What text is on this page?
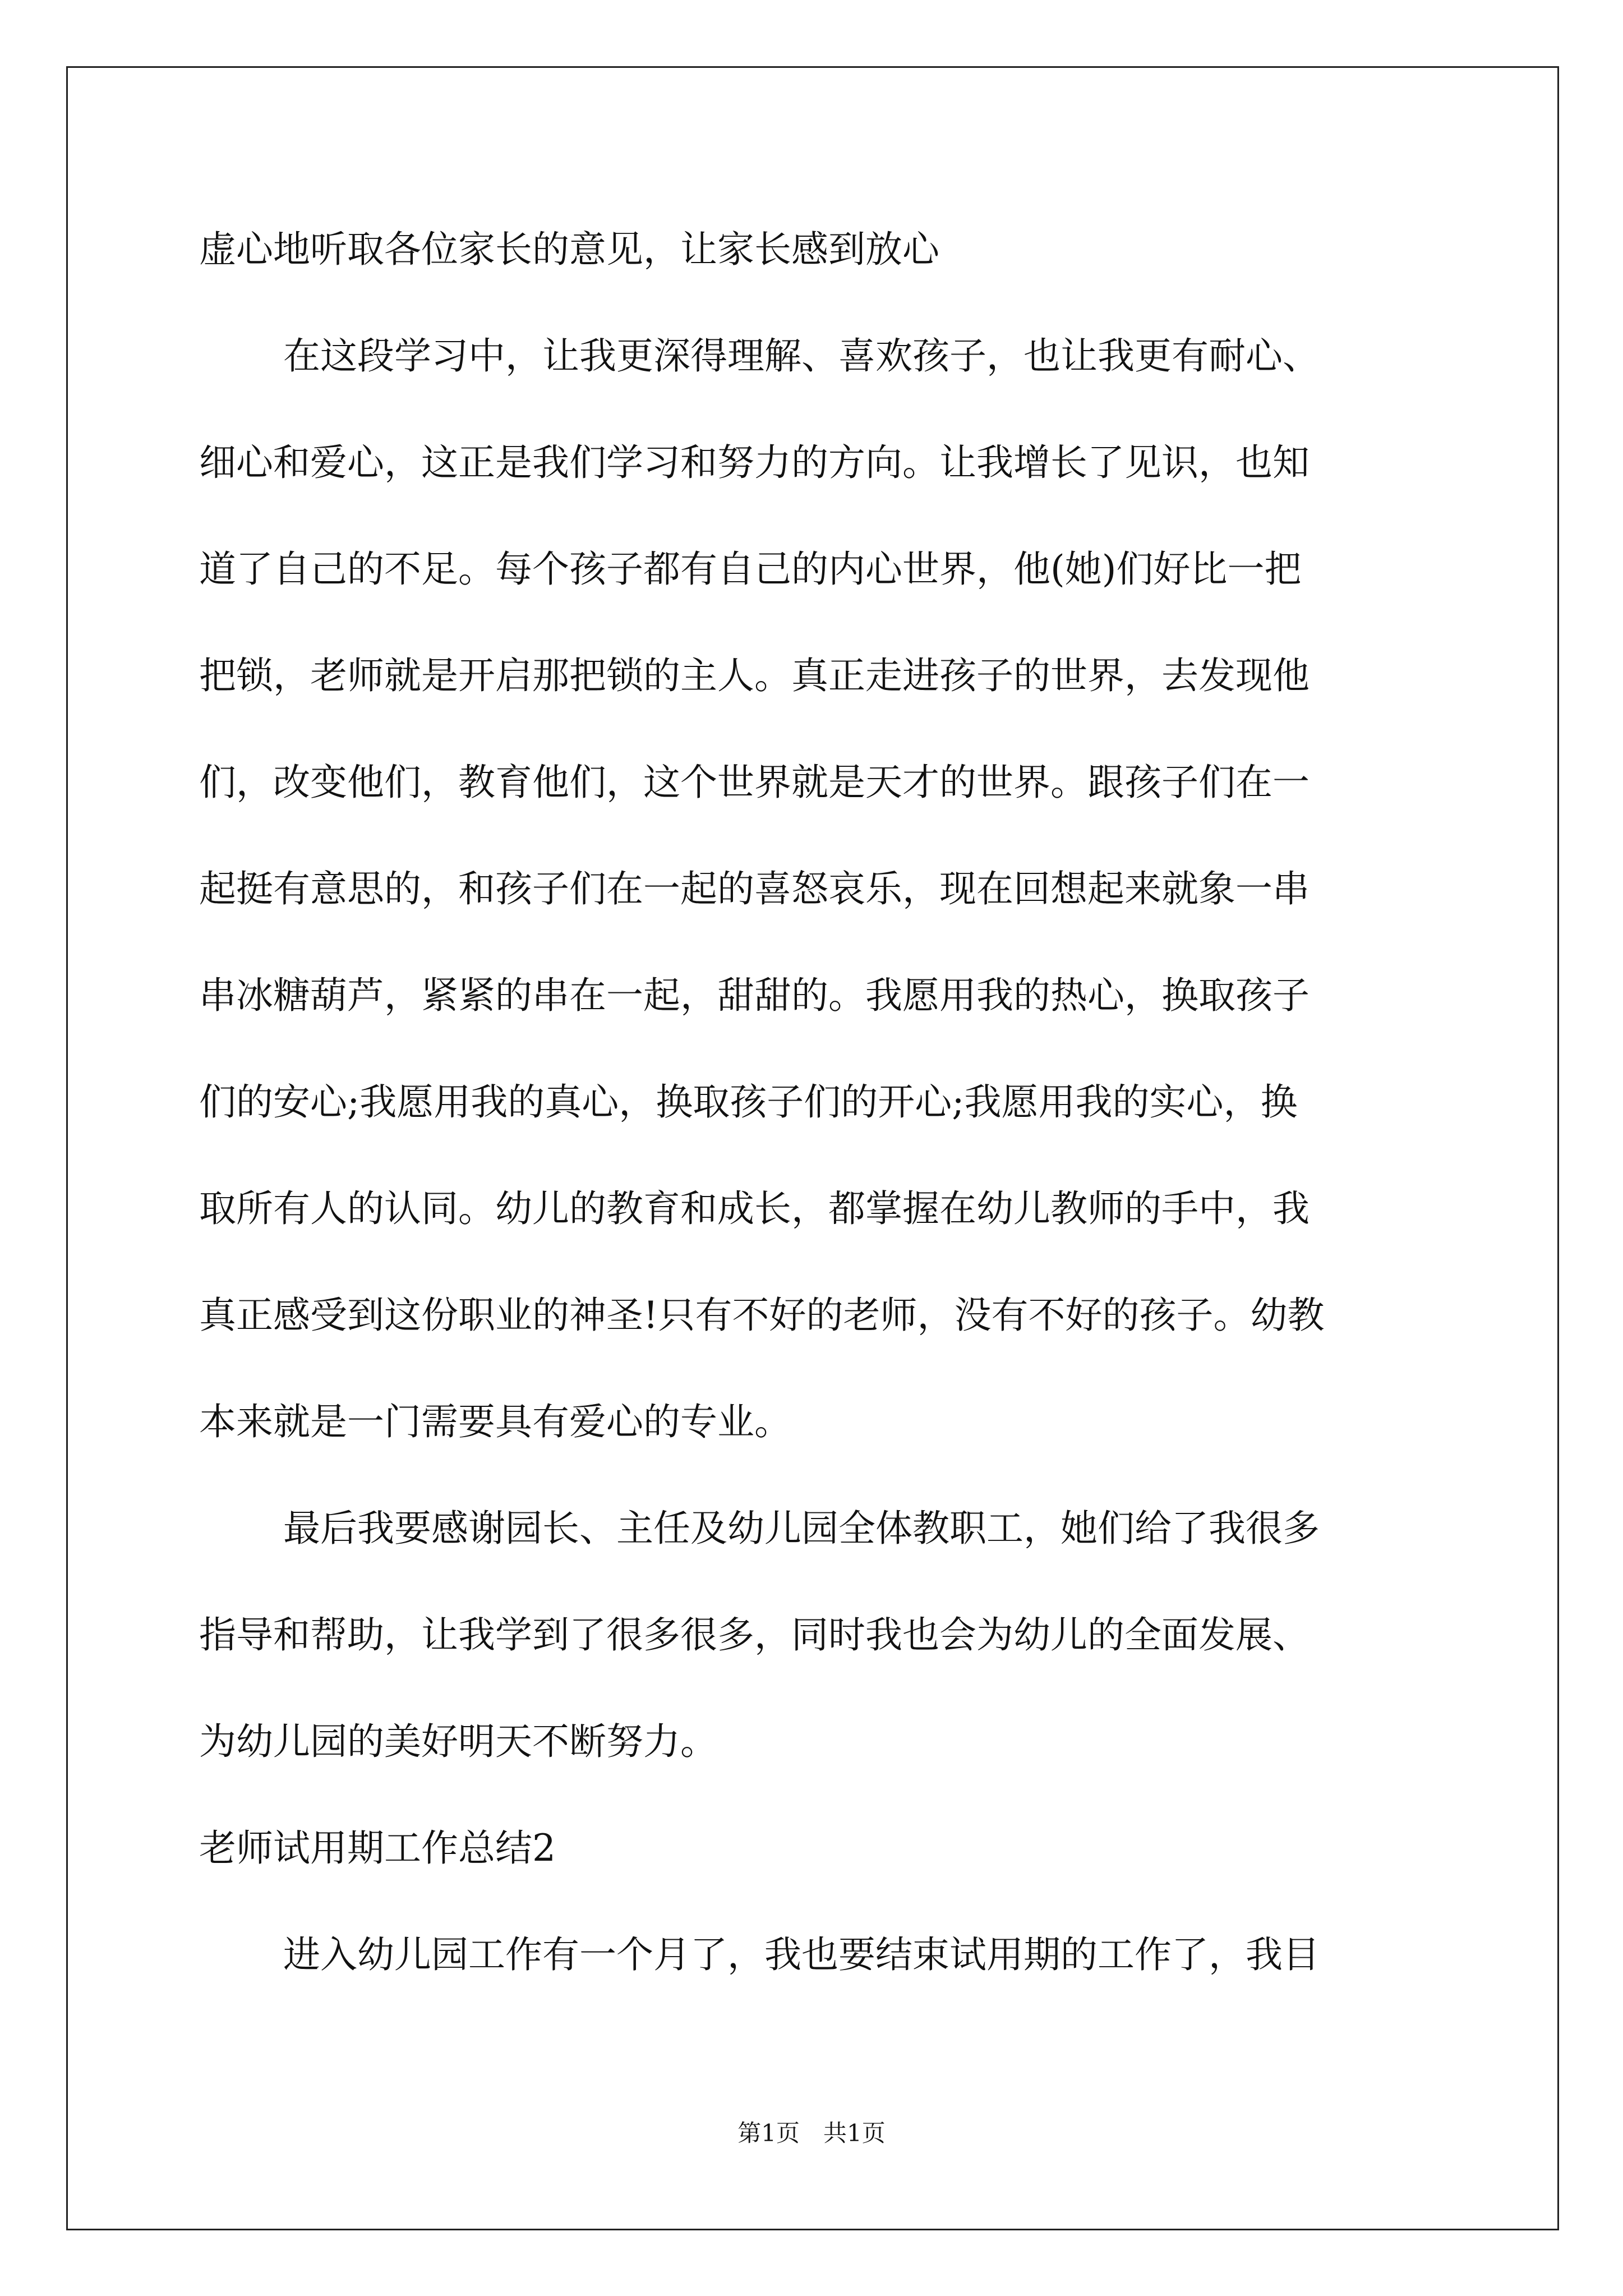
虚心地听取各位家长的意见，让家长感到放心
在这段学习中，让我更深得理解、喜欢孩子，也让我更有耐心、
细心和爱心，这正是我们学习和努力的方向。让我增长了见识，也知
道了自己的不足。每个孩子都有自己的内心世界，他(她)们好比一把
把锁，老师就是开启那把锁的主人。真正走进孩子的世界，去发现他
们，改变他们，教育他们，这个世界就是天才的世界。跟孩子们在一
起挺有意思的，和孩子们在一起的喜怒哀乐，现在回想起来就象一串
串冰糖葫芦，紧紧的串在一起，甜甜的。我愿用我的热心，换取孩子
们的安心;我愿用我的真心，换取孩子们的开心;我愿用我的实心，换
取所有人的认同。幼儿的教育和成长，都掌握在幼儿教师的手中，我
真正感受到这份职业的神圣!只有不好的老师，没有不好的孩子。幼教
本来就是一门需要具有爱心的专业。
最后我要感谢园长、主任及幼儿园全体教职工，她们给了我很多
指导和帮助，让我学到了很多很多，同时我也会为幼儿的全面发展、
为幼儿园的美好明天不断努力。
老师试用期工作总结2
进入幼儿园工作有一个月了，我也要结束试用期的工作了，我目
第1页　共1页
